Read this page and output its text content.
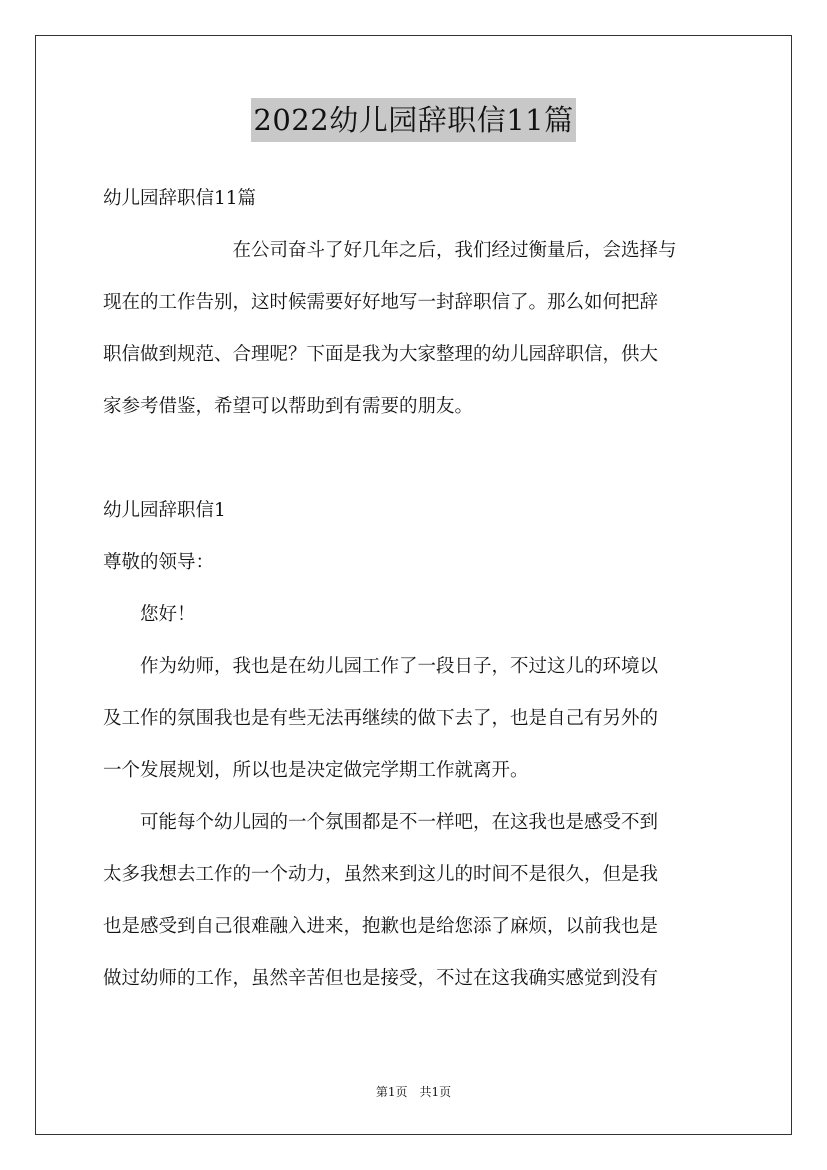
2022幼儿园辞职信11篇
幼儿园辞职信11篇
　　　　　　　在公司奋斗了好几年之后，我们经过衡量后，会选择与
现在的工作告别，这时候需要好好地写一封辞职信了。那么如何把辞
职信做到规范、合理呢？下面是我为大家整理的幼儿园辞职信，供大
家参考借鉴，希望可以帮助到有需要的朋友。
幼儿园辞职信1
尊敬的领导：
　　您好！
　　作为幼师，我也是在幼儿园工作了一段日子，不过这儿的环境以
及工作的氛围我也是有些无法再继续的做下去了，也是自己有另外的
一个发展规划，所以也是决定做完学期工作就离开。
　　可能每个幼儿园的一个氛围都是不一样吧，在这我也是感受不到
太多我想去工作的一个动力，虽然来到这儿的时间不是很久，但是我
也是感受到自己很难融入进来，抱歉也是给您添了麻烦，以前我也是
做过幼师的工作，虽然辛苦但也是接受，不过在这我确实感觉到没有
第1页　共1页
